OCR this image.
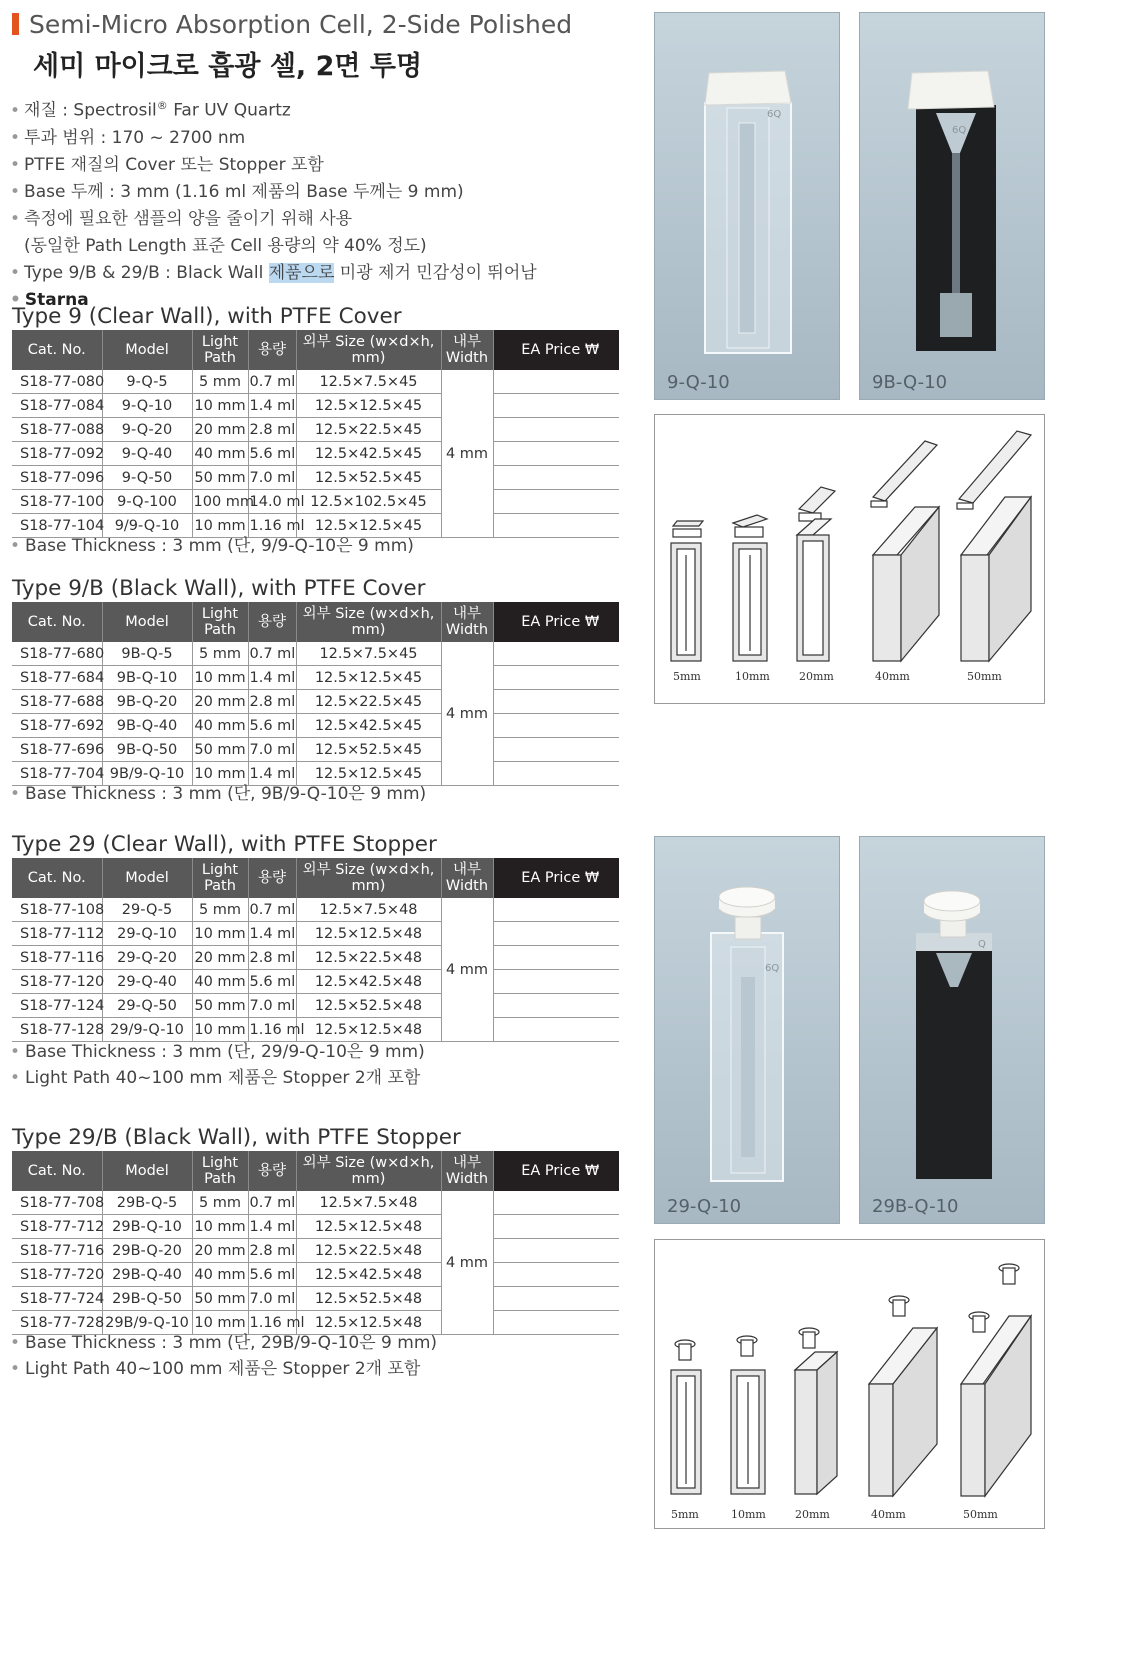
Semi-Micro Absorption Cell, 2-Side Polished
세미 마이크로 흡광 셀, 2면 투명
• 재질 : Spectrosil® Far UV Quartz
• 투과 범위 : 170 ~ 2700 nm
• PTFE 재질의 Cover 또는 Stopper 포함
• Base 두께 : 3 mm (1.16 ml 제품의 Base 두께는 9 mm)
• 측정에 필요한 샘플의 양을 줄이기 위해 사용
(동일한 Path Length 표준 Cell 용량의 약 40% 정도)
• Type 9/B & 29/B : Black Wall 제품으로 미광 제거 민감성이 뛰어남
• Starna
Type 9 (Clear Wall), with PTFE Cover
Type 9/B (Black Wall), with PTFE Cover
Type 29 (Clear Wall), with PTFE Stopper
Type 29/B (Black Wall), with PTFE Stopper
Cat. No.	Model	Light Path	용량	외부 Size (w×d×h, mm)	내부 Width	EA Price ₩
S18-77-080	9-Q-5	5 mm	0.7 ml	12.5×7.5×45	4 mm	
S18-77-084	9-Q-10	10 mm	1.4 ml	12.5×12.5×45		
S18-77-088	9-Q-20	20 mm	2.8 ml	12.5×22.5×45		
S18-77-092	9-Q-40	40 mm	5.6 ml	12.5×42.5×45		
S18-77-096	9-Q-50	50 mm	7.0 ml	12.5×52.5×45		
S18-77-100	9-Q-100	100 mm	14.0 ml	12.5×102.5×45		
S18-77-104	9/9-Q-10	10 mm	1.16 ml	12.5×12.5×45		
Cat. No.	Model	Light Path	용량	외부 Size (w×d×h, mm)	내부 Width	EA Price ₩
S18-77-680	9B-Q-5	5 mm	0.7 ml	12.5×7.5×45	4 mm	
S18-77-684	9B-Q-10	10 mm	1.4 ml	12.5×12.5×45		
S18-77-688	9B-Q-20	20 mm	2.8 ml	12.5×22.5×45		
S18-77-692	9B-Q-40	40 mm	5.6 ml	12.5×42.5×45		
S18-77-696	9B-Q-50	50 mm	7.0 ml	12.5×52.5×45		
S18-77-704	9B/9-Q-10	10 mm	1.4 ml	12.5×12.5×45		
Cat. No.	Model	Light Path	용량	외부 Size (w×d×h, mm)	내부 Width	EA Price ₩
S18-77-108	29-Q-5	5 mm	0.7 ml	12.5×7.5×48	4 mm	
S18-77-112	29-Q-10	10 mm	1.4 ml	12.5×12.5×48		
S18-77-116	29-Q-20	20 mm	2.8 ml	12.5×22.5×48		
S18-77-120	29-Q-40	40 mm	5.6 ml	12.5×42.5×48		
S18-77-124	29-Q-50	50 mm	7.0 ml	12.5×52.5×48		
S18-77-128	29/9-Q-10	10 mm	1.16 ml	12.5×12.5×48		
Cat. No.	Model	Light Path	용량	외부 Size (w×d×h, mm)	내부 Width	EA Price ₩
S18-77-708	29B-Q-5	5 mm	0.7 ml	12.5×7.5×48	4 mm	
S18-77-712	29B-Q-10	10 mm	1.4 ml	12.5×12.5×48		
S18-77-716	29B-Q-20	20 mm	2.8 ml	12.5×22.5×48		
S18-77-720	29B-Q-40	40 mm	5.6 ml	12.5×42.5×48		
S18-77-724	29B-Q-50	50 mm	7.0 ml	12.5×52.5×48		
S18-77-728	29B/9-Q-10	10 mm	1.16 ml	12.5×12.5×48		
• Base Thickness : 3 mm (단, 9/9-Q-10은 9 mm)
• Base Thickness : 3 mm (단, 9B/9-Q-10은 9 mm)
• Base Thickness : 3 mm (단, 29/9-Q-10은 9 mm)
• Light Path 40~100 mm 제품은 Stopper 2개 포함
• Base Thickness : 3 mm (단, 29B/9-Q-10은 9 mm)
• Light Path 40~100 mm 제품은 Stopper 2개 포함
6Q
9-Q-10
6Q
9B-Q-10
6Q
29-Q-10
Q
29B-Q-10
5mm	10mm	20mm	40mm	50mm
5mm	10mm	20mm	40mm	50mm
